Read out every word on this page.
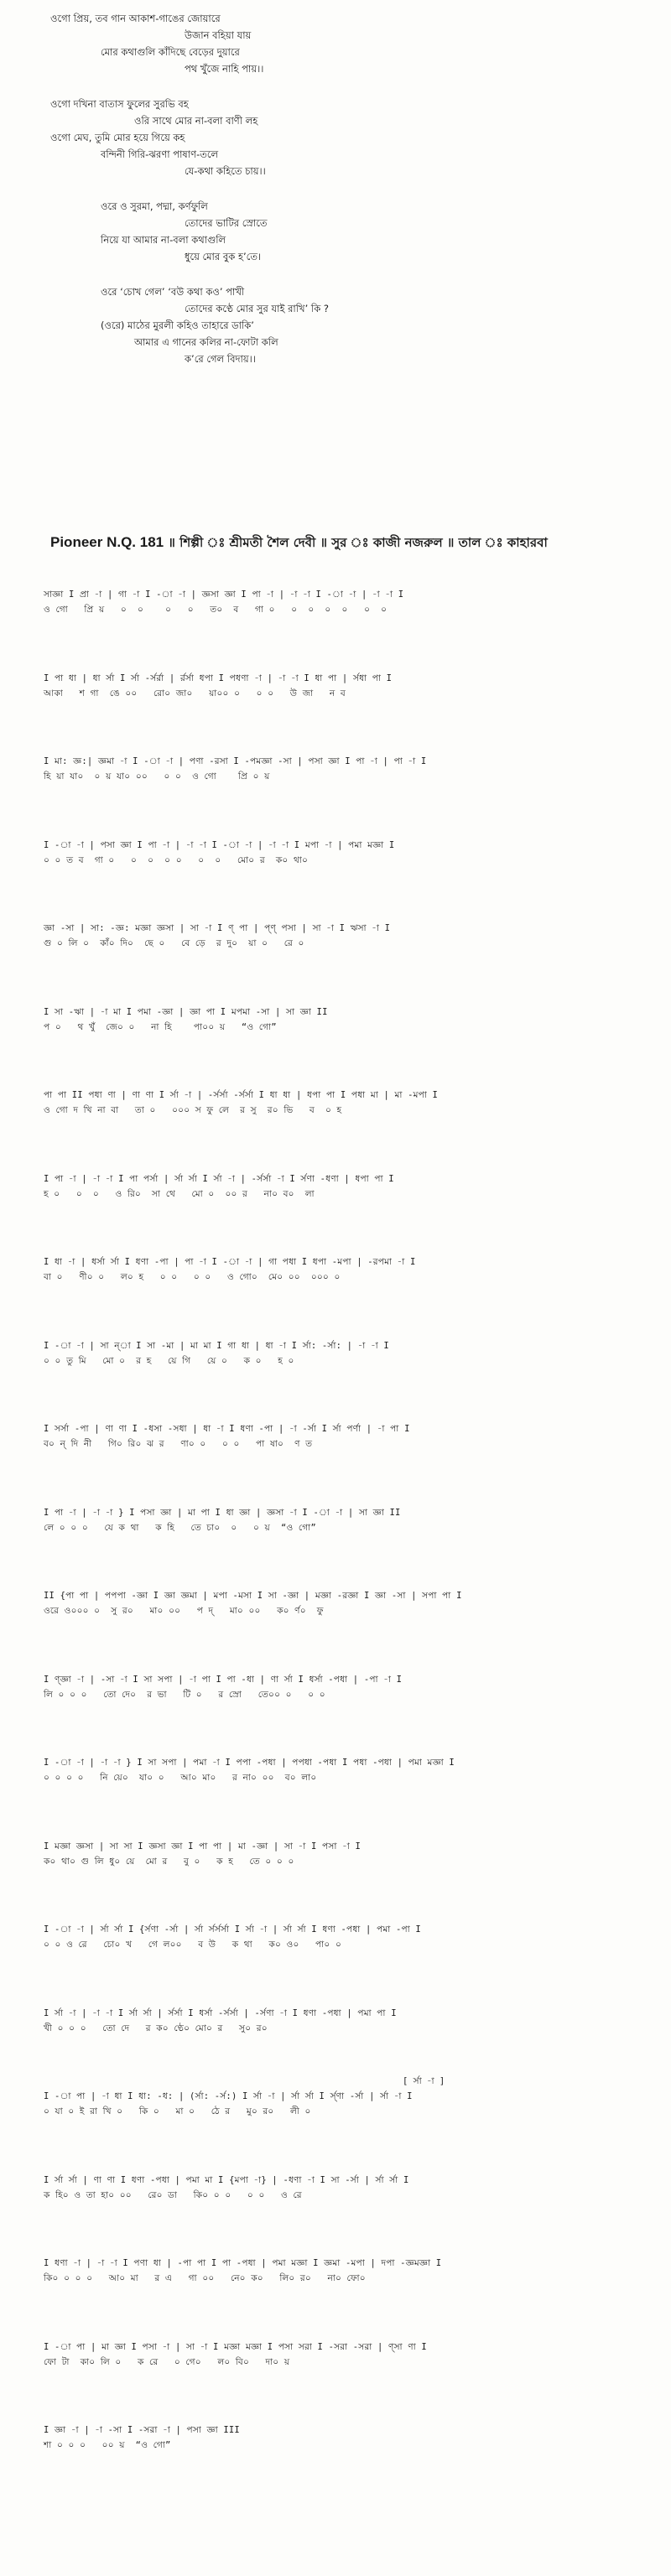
ওগো প্রিয়, তব গান আকাশ-গাঙের জোয়ারে
উজান বহিয়া যায়
মোর কথাগুলি কাঁদিছে বেড়ের দুয়ারে
পথ খুঁজে নাহি পায়।।
ওগো দখিনা বাতাস ফুলের সুরভি বহ
ওরি সাথে মোর না-বলা বাণী লহ
ওগো মেঘ, তুমি মোর হয়ে গিয়ে কহ
বন্দিনী গিরি-ঝরণা পাষাণ-তলে
যে-কথা কহিতে চায়।।
ওরে ও সুরমা, পদ্মা, কর্ণফুলি
তোদের ভাটির স্রোতে
নিয়ে যা আমার না-বলা কথাগুলি
ধুয়ে মোর বুক হ’তে।
ওরে ‘চোখ গেল’ ‘বউ কথা কও’ পাখী
তোদের কণ্ঠে মোর সুর যাই রাখি’ কি ?
(ওরে) মাঠের মুরলী কহিও তাহারে ডাকি’
আমার এ গানের কলির না-ফোটা কলি
ক’রে গেল বিদায়।।
Pioneer N.Q. 181 ॥ শিল্পী ঃ শ্রীমতী শৈল দেবী ॥ সুর ঃ কাজী নজরুল ॥ তাল ঃ কাহারবা
সাজ্ঞা I প্ৰা -া | গা -া I -া -া | জ্ঞসা জ্ঞা I পা -া | -া -া I -া -া | -া -া I
ও গো   প্রি য়   ০  ০    ০   ০   ত০  ব   গা ০   ০  ০  ০  ০   ০  ০
I পা ধা | ধা র্সা I র্সা -র্সর্রা | র্রর্সা ধপা I পধণা -া | -া -া I ধা পা | র্সধা পা I
আকা   শ গা  ঙে ০০   রো০ জা০   য়া০০ ০   ০ ০   উ জা   ন ব
I মা: জ্ঞ:| জ্ঞমা -া I -া -া | পণা -রসা I -পমজ্ঞা -সা | পসা জ্ঞা I পা -া | পা -া I
হি য়া যা০  ০ য় যা০ ০০   ০ ০  ও গো    প্রি ০ য়
I -া -া | পসা জ্ঞা I পা -া | -া -া I -া -া | -া -া I মপা -া | পমা মজ্ঞা I
০ ০ ত ব  গা ০   ০  ০  ০ ০   ০  ০   মো০ র  ক০ থা০
জ্ঞা -সা | সা: -জ্ঞ: মজ্ঞা জ্ঞসা | সা -া I ণ্‌ পা | প্‌ণ্‌ পসা | সা -া I ঋসা -া I
গু ০ লি ০  কাঁ০ দি০  ছে ০   বে ড়ে  র দু০  য়া ০   রে ০
I সা -ঋা | -া মা I পমা -জ্ঞা | জ্ঞা পা I মপমা -সা | সা জ্ঞা II
প ০   থ খুঁ  জে০ ০   না হি    পা০০ য়   “ও গো”
পা পা II পধা ণা | ণা ণা I র্সা -া | -র্সর্সা -র্সর্সা I ধা ধা | ধপা পা I পধা মা | মা -মপা I
ও গো দ খি না বা   তা ০   ০০০ স ফু লে  র সু  র০ ভি   ব  ০ হ
I পা -া | -া -া I পা পর্সা | র্সা র্সা I র্সা -া | -র্সর্সা -া I র্সণা -ধণা | ধপা পা I
হ ০   ০  ০   ও রি০  সা থে   মো ০  ০০ র   না০ ব০  লা
I ধা -া | ধর্সা র্সা I ধণা -পা | পা -া I -া -া | গা পধা I ধপা -মপা | -রপমা -া I
বা ০   ণী০ ০   ল০ হ   ০ ০   ০ ০   ও গো০  মে০ ০০  ০০০ ০
I -া -া | সা ন্‌া I সা -মা | মা মা I গা ধা | ধা -া I র্সা: -র্সা: | -া -া I
০ ০ তু মি   মো ০  র হ   য়ে গি   য়ে ০   ক ০   হ ০
I সর্সা -পা | ণা ণা I -ধসা -সধা | ধা -া I ধণা -পা | -া -র্সা I র্সা পর্ণা | -া পা I
ব০ ন্‌ দি নী   গি০ রি০ ঝ র   ণা০ ০   ০ ০   পা ষা০  ণ ত
I পা -া | -া -া } I পসা জ্ঞা | মা পা I ধা জ্ঞা | জ্ঞসা -া I -া -া | সা জ্ঞা II
লে ০ ০ ০   যে ক থা   ক হি   তে চা০  ০   ০ য়  “ও গো”
II {পা পা | পপপা -জ্ঞা I জ্ঞা জ্ঞমা | মপা -মসা I সা -জ্ঞা | মজ্ঞা -রজ্ঞা I জ্ঞা -সা | সপা পা I
ওরে ও০০০ ০  সু র০   মা০ ০০   প দ্‌   মা০ ০০   ক০ র্ণ০  ফু
I ণ্‌জ্ঞা -া | -সা -া I সা সপা | -া পা I পা -ধা | ণা র্সা I ধর্সা -পধা | -পা -া I
লি ০ ০ ০   তো দে০  র ভা   টি ০   র স্রো   তে০০ ০   ০ ০
I -া -া | -া -া } I সা সপা | পমা -া I পপা -পধা | পপধা -পধা I পধা -পধা | পমা মজ্ঞা I
০ ০ ০ ০   নি য়ে০  যা০ ০   আ০ মা০   র না০ ০০  ব০ লা০
I মজ্ঞা জ্ঞসা | সা সা I জ্ঞসা জ্ঞা I পা পা | মা -জ্ঞা | সা -া I পসা -া I
ক০ থা০ গু লি ধু০ য়ে  মো র   বু ০   ক হ   তে ০ ০ ০
I -া -া | র্সা র্সা I {র্সণা -র্সা | র্সা র্সর্সর্সা I র্সা -া | র্সা র্সা I ধণা -পধা | পমা -পা I
০ ০ ও রে   চো০ খ   গে ল০০   ব উ   ক থা   ক০ ও০   পা০ ০
I র্সা -া | -া -া I র্সা র্সা | র্সর্সা I ধর্সা -র্সর্সা | -র্সণা -া I ধণা -পধা | পমা পা I
খী ০ ০ ০   তো দে   র ক০ ণ্ঠে০ মো০ র   সু০ র০
[ র্সা -া ]
I -া পা | -া ধা I ধা: -ধ: | (র্সা: -র্স:) I র্সা -া | র্সা র্সা I র্স্‌ণা -র্সা | র্সা -া I
০ যা ০ ই রা খি ০   কি ০   মা ০   ঠে র   মু০ র০   লী ০
I র্সা র্সা | ণা ণা I ধণা -পধা | পমা মা I {মপা -া} | -ধণা -া I সা -র্সা | র্সা র্সা I
ক হি০ ও তা হা০ ০০   রে০ ডা   কি০ ০ ০   ০ ০   ও রে
I ধণা -া | -া -া I পণা ধা | -পা পা I পা -পধা | পমা মজ্ঞা I জ্ঞমা -মপা | দপা -জ্ঞমজ্ঞা I
কি০ ০ ০ ০   আ০ মা   র এ   গা ০০   নে০ ক০   লি০ র০   না০ ফো০
I -া পা | মা জ্ঞা I পসা -া | সা -া I মজ্ঞা মজ্ঞা I পসা সরা I -সরা -সরা | ণ্‌সা ণা I
ফো টা  কা০ লি ০   ক রে   ০ গে০   ল০ বি০   দা০ য়
I জ্ঞা -া | -া -সা I -সরা -া | পসা জ্ঞা III
শা ০ ০ ০   ০০ য়  “ও গো”
